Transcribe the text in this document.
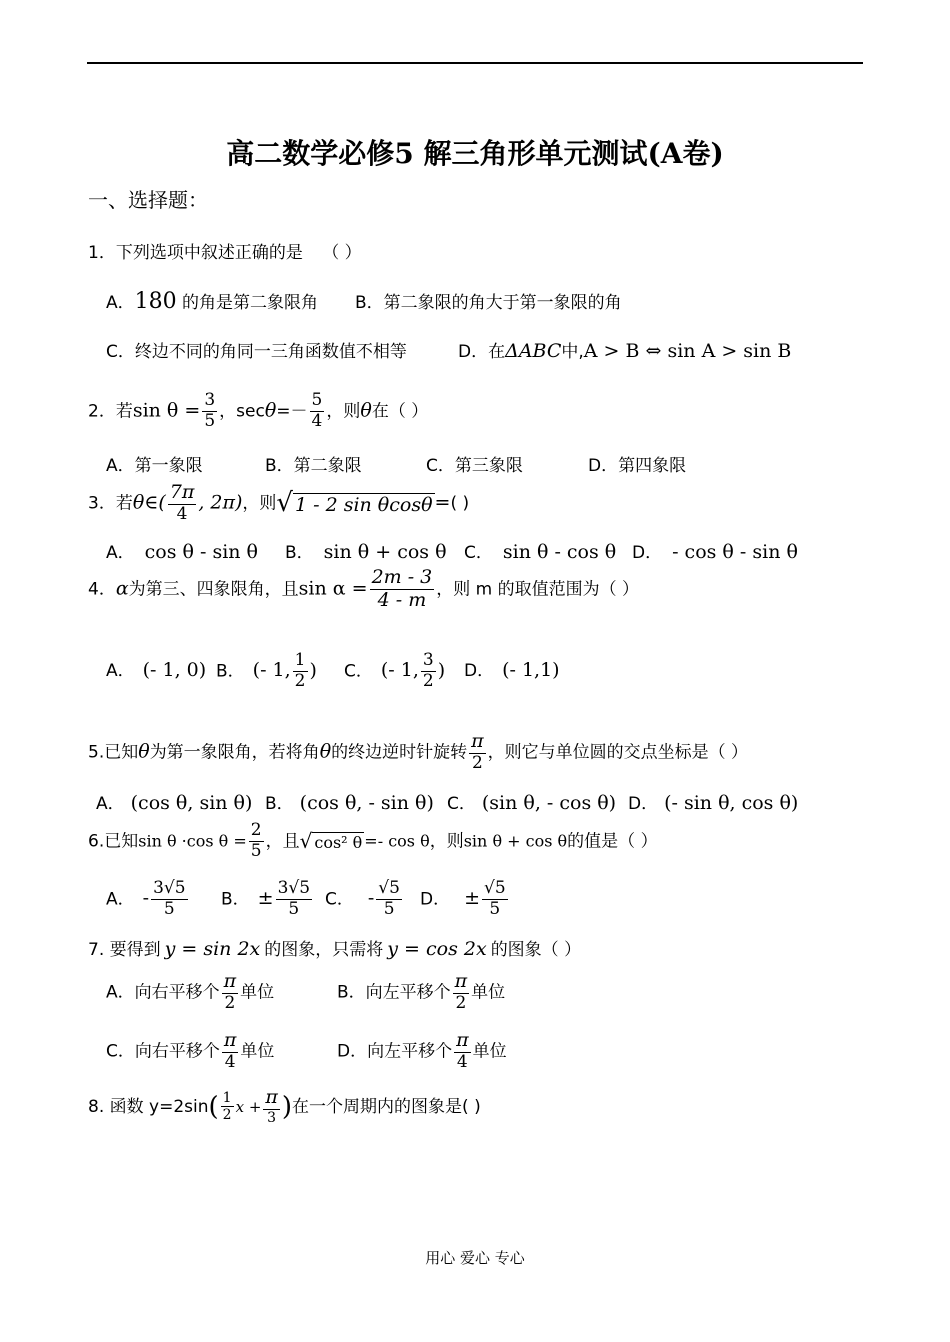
高二数学必修5 解三角形单元测试(A卷)
一、选择题：
1．下列选项中叙述正确的是 （ ）
A．180 的角是第二象限角 B．第二象限的角大于第一象限的角
C．终边不同的角同一三角函数值不相等	D．在ΔABC中,A > B ⇔ sin A > sin B
2．若$\sin \theta = \frac{3}{5}$ ，$\sec\theta=- \frac{5}{4}$ ，则θ在（ ）
A．第一象限	B．第二象限	C．第三象限	D．第四象限
3．若θ∈( $\frac{7\pi}{4}$ , 2π)，则√ 1 - 2 sin θcosθ =( )
A． cos θ - sin θ B． sin θ + cos θ C． sin θ - cos θ D． - cos θ - sin θ
4．α为第三、四象限角，且$\sin \alpha = \frac{2m - 3}{4 - m}$ ，则 m 的取值范围为（ ）
A． (- 1, 0) B． (- 1, $\frac{1}{2}$ ) C． (- 1, $\frac{3}{2}$ ) D． (- 1,1)
5.已知θ为第一象限角，若将角θ的终边逆时针旋转 $\frac{\pi}{2}$ ，则它与单位圆的交点坐标是（ ）
A． (cos θ, sin θ) B． (cos θ, - sin θ) C． (sin θ, - cos θ) D． (- sin θ, cos θ)
6.已知sin θ ·cos $\theta = \frac{2}{5}$ ，且√ cos² θ =- cos θ，则sin θ + cos θ的值是（ ）
A． - $\frac{3√5}{5}$ B． ± $\frac{3√5}{5}$ C． - $\frac{√5}{5}$ D． ± $\frac{√5}{5}$
7. 要得到 y = sin 2x 的图象，只需将 y = cos 2x 的图象（ ）
A．向右平移个 $\frac{\pi}{2}$ 单位	B．向左平移个 $\frac{\pi}{2}$ 单位
C．向右平移个 $\frac{\pi}{4}$ 单位	D．向左平移个 $\frac{\pi}{4}$ 单位
8. 函数 $y=2\sin( \frac{1}{2}$ $x + \frac{\pi}{3}$ )在一个周期内的图象是( )
用心 爱心 专心
